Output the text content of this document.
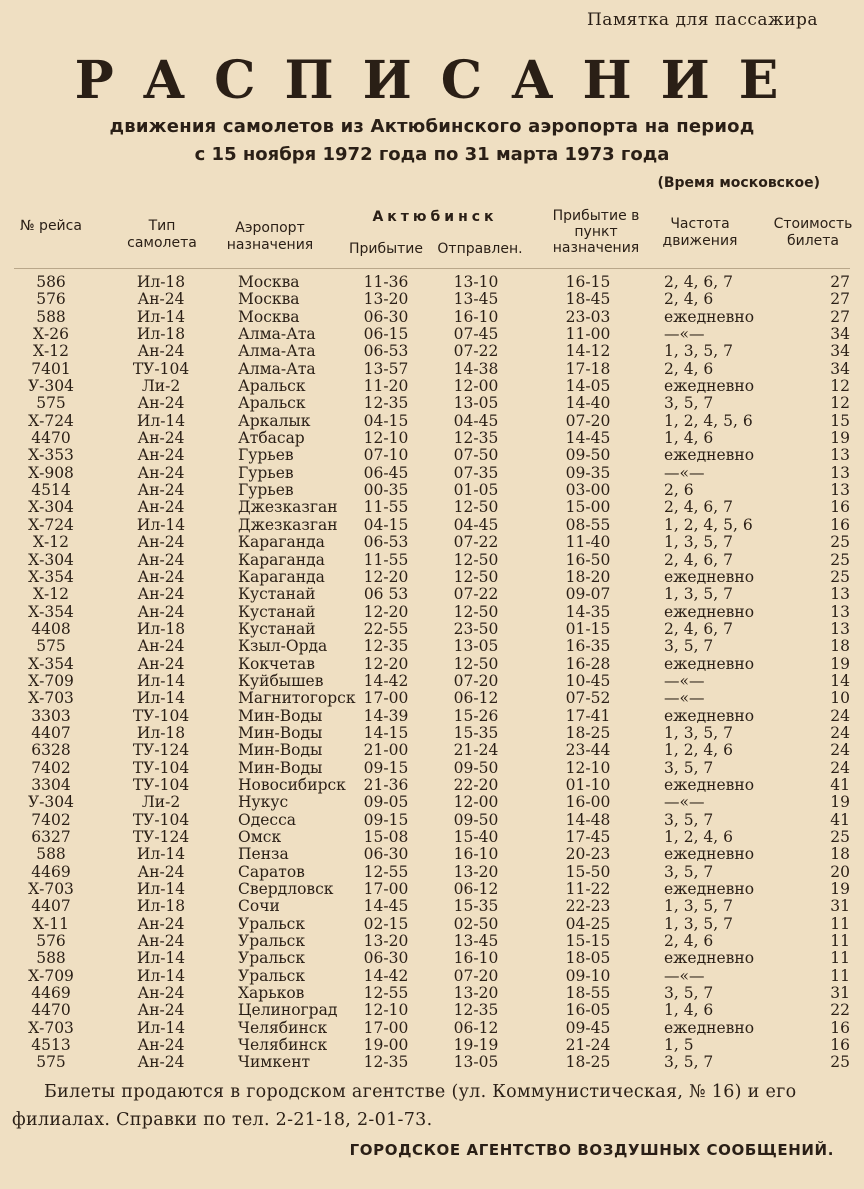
Памятка для пассажира
РАСПИСАНИЕ
движения самолетов из Актюбинского аэропорта на период
с 15 ноября 1972 года по 31 марта 1973 года
(Время московское)
№ рейса	Тип самолета
Аэропорт назначения
Актюбинск
Прибытие	Отправлен.
Прибытие в пункт назначения
Частота движения
Стоимость билета
586	Ил-18	Москва	11-36	13-10	16-15	2, 4, 6, 7	27
576	Ан-24	Москва	13-20	13-45	18-45	2, 4, 6	27
588	Ил-14	Москва	06-30	16-10	23-03	ежедневно	27
Х-26	Ил-18	Алма-Ата	06-15	07-45	11-00	—«—	34
Х-12	Ан-24	Алма-Ата	06-53	07-22	14-12	1, 3, 5, 7	34
7401	ТУ-104	Алма-Ата	13-57	14-38	17-18	2, 4, 6	34
У-304	Ли-2	Аральск	11-20	12-00	14-05	ежедневно	12
575	Ан-24	Аральск	12-35	13-05	14-40	3, 5, 7	12
Х-724	Ил-14	Аркалык	04-15	04-45	07-20	1, 2, 4, 5, 6	15
4470	Ан-24	Атбасар	12-10	12-35	14-45	1, 4, 6	19
Х-353	Ан-24	Гурьев	07-10	07-50	09-50	ежедневно	13
Х-908	Ан-24	Гурьев	06-45	07-35	09-35	—«—	13
4514	Ан-24	Гурьев	00-35	01-05	03-00	2, 6	13
Х-304	Ан-24	Джезказган	11-55	12-50	15-00	2, 4, 6, 7	16
Х-724	Ил-14	Джезказган	04-15	04-45	08-55	1, 2, 4, 5, 6	16
Х-12	Ан-24	Караганда	06-53	07-22	11-40	1, 3, 5, 7	25
Х-304	Ан-24	Караганда	11-55	12-50	16-50	2, 4, 6, 7	25
Х-354	Ан-24	Караганда	12-20	12-50	18-20	ежедневно	25
Х-12	Ан-24	Кустанай	06 53	07-22	09-07	1, 3, 5, 7	13
Х-354	Ан-24	Кустанай	12-20	12-50	14-35	ежедневно	13
4408	Ил-18	Кустанай	22-55	23-50	01-15	2, 4, 6, 7	13
575	Ан-24	Кзыл-Орда	12-35	13-05	16-35	3, 5, 7	18
Х-354	Ан-24	Кокчетав	12-20	12-50	16-28	ежедневно	19
Х-709	Ил-14	Куйбышев	14-42	07-20	10-45	—«—	14
Х-703	Ил-14	Магнитогорск 17-00	06-12	07-52	—«—	10
3303	ТУ-104	Мин-Воды	14-39	15-26	17-41	ежедневно	24
4407	Ил-18	Мин-Воды	14-15	15-35	18-25	1, 3, 5, 7	24
6328	ТУ-124	Мин-Воды	21-00	21-24	23-44	1, 2, 4, 6	24
7402	ТУ-104	Мин-Воды	09-15	09-50	12-10	3, 5, 7	24
3304	ТУ-104	Новосибирск	21-36	22-20	01-10	ежедневно	41
У-304	Ли-2	Нукус	09-05	12-00	16-00	—«—	19
7402	ТУ-104	Одесса	09-15	09-50	14-48	3, 5, 7	41
6327	ТУ-124	Омск	15-08	15-40	17-45	1, 2, 4, 6	25
588	Ил-14	Пенза	06-30	16-10	20-23	ежедневно	18
4469	Ан-24	Саратов	12-55	13-20	15-50	3, 5, 7	20
Х-703	Ил-14	Свердловск	17-00	06-12	11-22	ежедневно	19
4407	Ил-18	Сочи	14-45	15-35	22-23	1, 3, 5, 7	31
Х-11	Ан-24	Уральск	02-15	02-50	04-25	1, 3, 5, 7	11
576	Ан-24	Уральск	13-20	13-45	15-15	2, 4, 6	11
588	Ил-14	Уральск	06-30	16-10	18-05	ежедневно	11
Х-709	Ил-14	Уральск	14-42	07-20	09-10	—«—	11
4469	Ан-24	Харьков	12-55	13-20	18-55	3, 5, 7	31
4470	Ан-24	Целиноград	12-10	12-35	16-05	1, 4, 6	22
Х-703	Ил-14	Челябинск	17-00	06-12	09-45	ежедневно	16
4513	Ан-24	Челябинск	19-00	19-19	21-24	1, 5	16
575	Ан-24	Чимкент	12-35	13-05	18-25	3, 5, 7	25
Билеты продаются в городском агентстве (ул. Коммунистическая, № 16) и его
филиалах. Справки по тел. 2-21-18, 2-01-73.
ГОРОДСКОЕ АГЕНТСТВО ВОЗДУШНЫХ СООБЩЕНИЙ.
